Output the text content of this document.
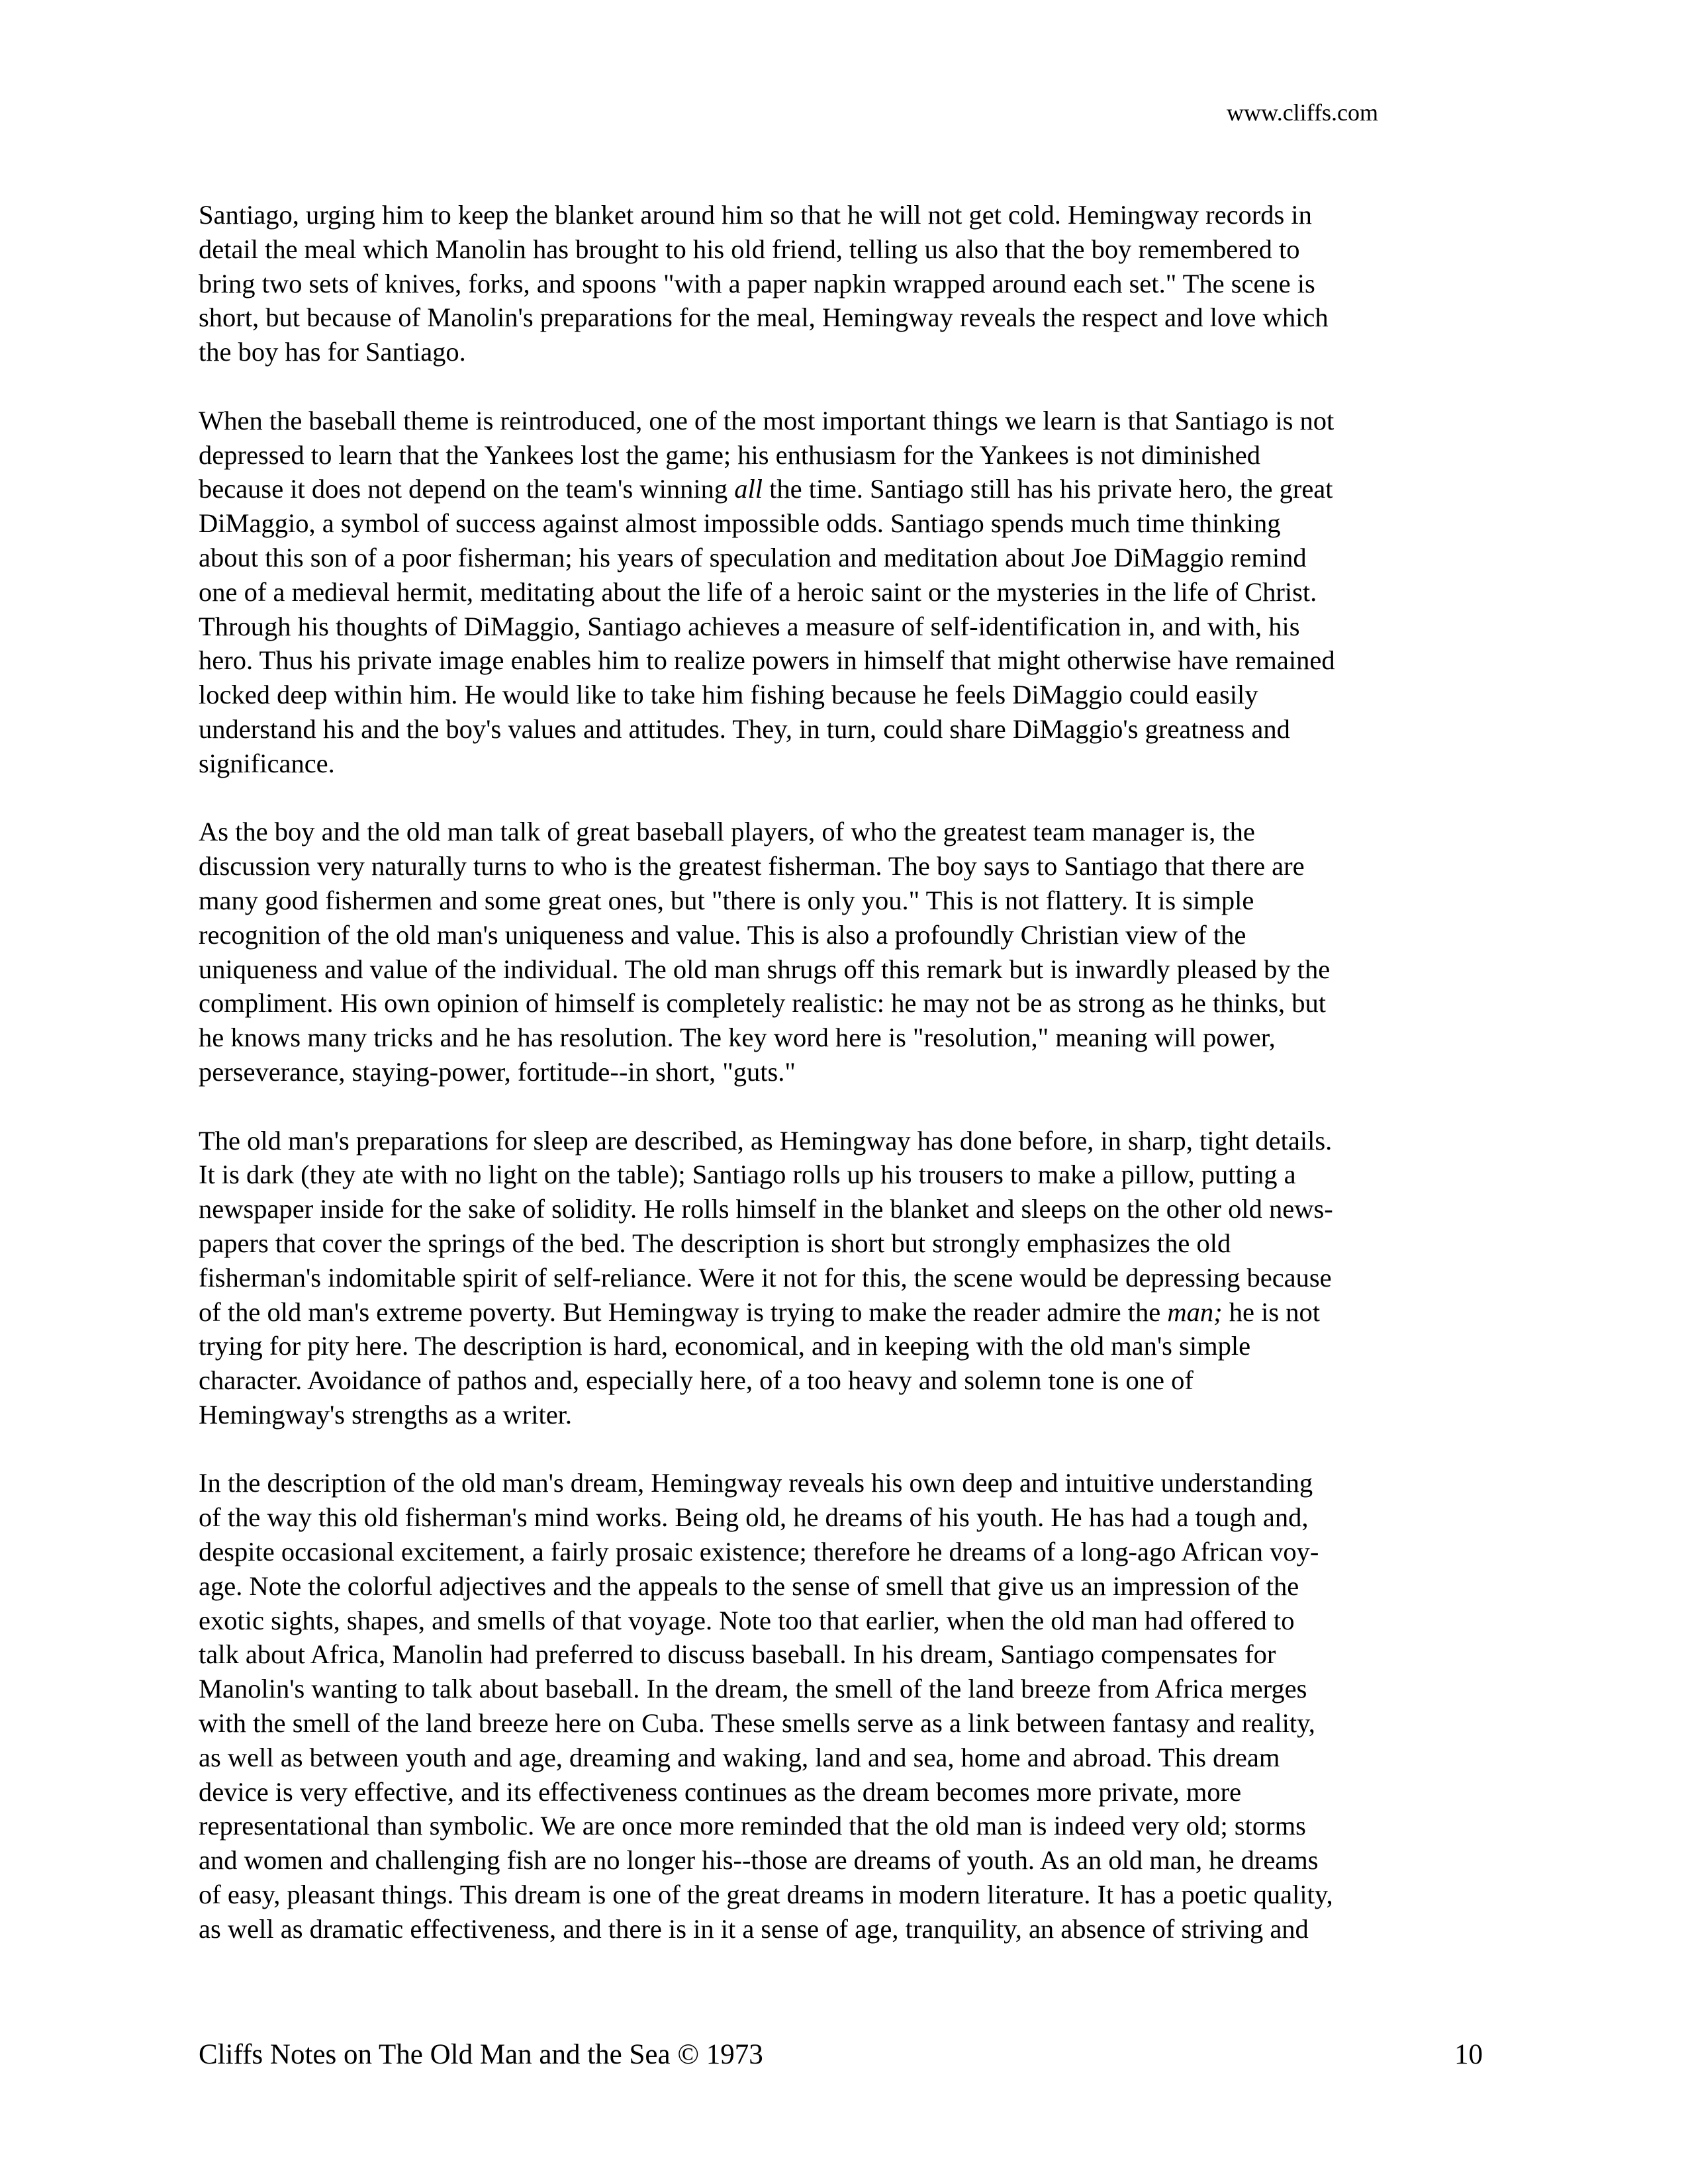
www.cliffs.com

Santiago, urging him to keep the blanket around him so that he will not get cold. Hemingway records in
detail the meal which Manolin has brought to his old friend, telling us also that the boy remembered to
bring two sets of knives, forks, and spoons "with a paper napkin wrapped around each set." The scene is
short, but because of Manolin's preparations for the meal, Hemingway reveals the respect and love which
the boy has for Santiago.

When the baseball theme is reintroduced, one of the most important things we learn is that Santiago is not
depressed to learn that the Yankees lost the game; his enthusiasm for the Yankees is not diminished
because it does not depend on the team's winning all the time. Santiago still has his private hero, the great
DiMaggio, a symbol of success against almost impossible odds. Santiago spends much time thinking
about this son of a poor fisherman; his years of speculation and meditation about Joe DiMaggio remind
one of a medieval hermit, meditating about the life of a heroic saint or the mysteries in the life of Christ.
Through his thoughts of DiMaggio, Santiago achieves a measure of self-identification in, and with, his
hero. Thus his private image enables him to realize powers in himself that might otherwise have remained
locked deep within him. He would like to take him fishing because he feels DiMaggio could easily
understand his and the boy's values and attitudes. They, in turn, could share DiMaggio's greatness and
significance.

As the boy and the old man talk of great baseball players, of who the greatest team manager is, the
discussion very naturally turns to who is the greatest fisherman. The boy says to Santiago that there are
many good fishermen and some great ones, but "there is only you." This is not flattery. It is simple
recognition of the old man's uniqueness and value. This is also a profoundly Christian view of the
uniqueness and value of the individual. The old man shrugs off this remark but is inwardly pleased by the
compliment. His own opinion of himself is completely realistic: he may not be as strong as he thinks, but
he knows many tricks and he has resolution. The key word here is "resolution," meaning will power,
perseverance, staying-power, fortitude--in short, "guts."

The old man's preparations for sleep are described, as Hemingway has done before, in sharp, tight details.
It is dark (they ate with no light on the table); Santiago rolls up his trousers to make a pillow, putting a
newspaper inside for the sake of solidity. He rolls himself in the blanket and sleeps on the other old news-
papers that cover the springs of the bed. The description is short but strongly emphasizes the old
fisherman's indomitable spirit of self-reliance. Were it not for this, the scene would be depressing because
of the old man's extreme poverty. But Hemingway is trying to make the reader admire the man; he is not
trying for pity here. The description is hard, economical, and in keeping with the old man's simple
character. Avoidance of pathos and, especially here, of a too heavy and solemn tone is one of
Hemingway's strengths as a writer.

In the description of the old man's dream, Hemingway reveals his own deep and intuitive understanding
of the way this old fisherman's mind works. Being old, he dreams of his youth. He has had a tough and,
despite occasional excitement, a fairly prosaic existence; therefore he dreams of a long-ago African voy-
age. Note the colorful adjectives and the appeals to the sense of smell that give us an impression of the
exotic sights, shapes, and smells of that voyage. Note too that earlier, when the old man had offered to
talk about Africa, Manolin had preferred to discuss baseball. In his dream, Santiago compensates for
Manolin's wanting to talk about baseball. In the dream, the smell of the land breeze from Africa merges
with the smell of the land breeze here on Cuba. These smells serve as a link between fantasy and reality,
as well as between youth and age, dreaming and waking, land and sea, home and abroad. This dream
device is very effective, and its effectiveness continues as the dream becomes more private, more
representational than symbolic. We are once more reminded that the old man is indeed very old; storms
and women and challenging fish are no longer his--those are dreams of youth. As an old man, he dreams
of easy, pleasant things. This dream is one of the great dreams in modern literature. It has a poetic quality,
as well as dramatic effectiveness, and there is in it a sense of age, tranquility, an absence of striving and

Cliffs Notes on The Old Man and the Sea © 1973	10
